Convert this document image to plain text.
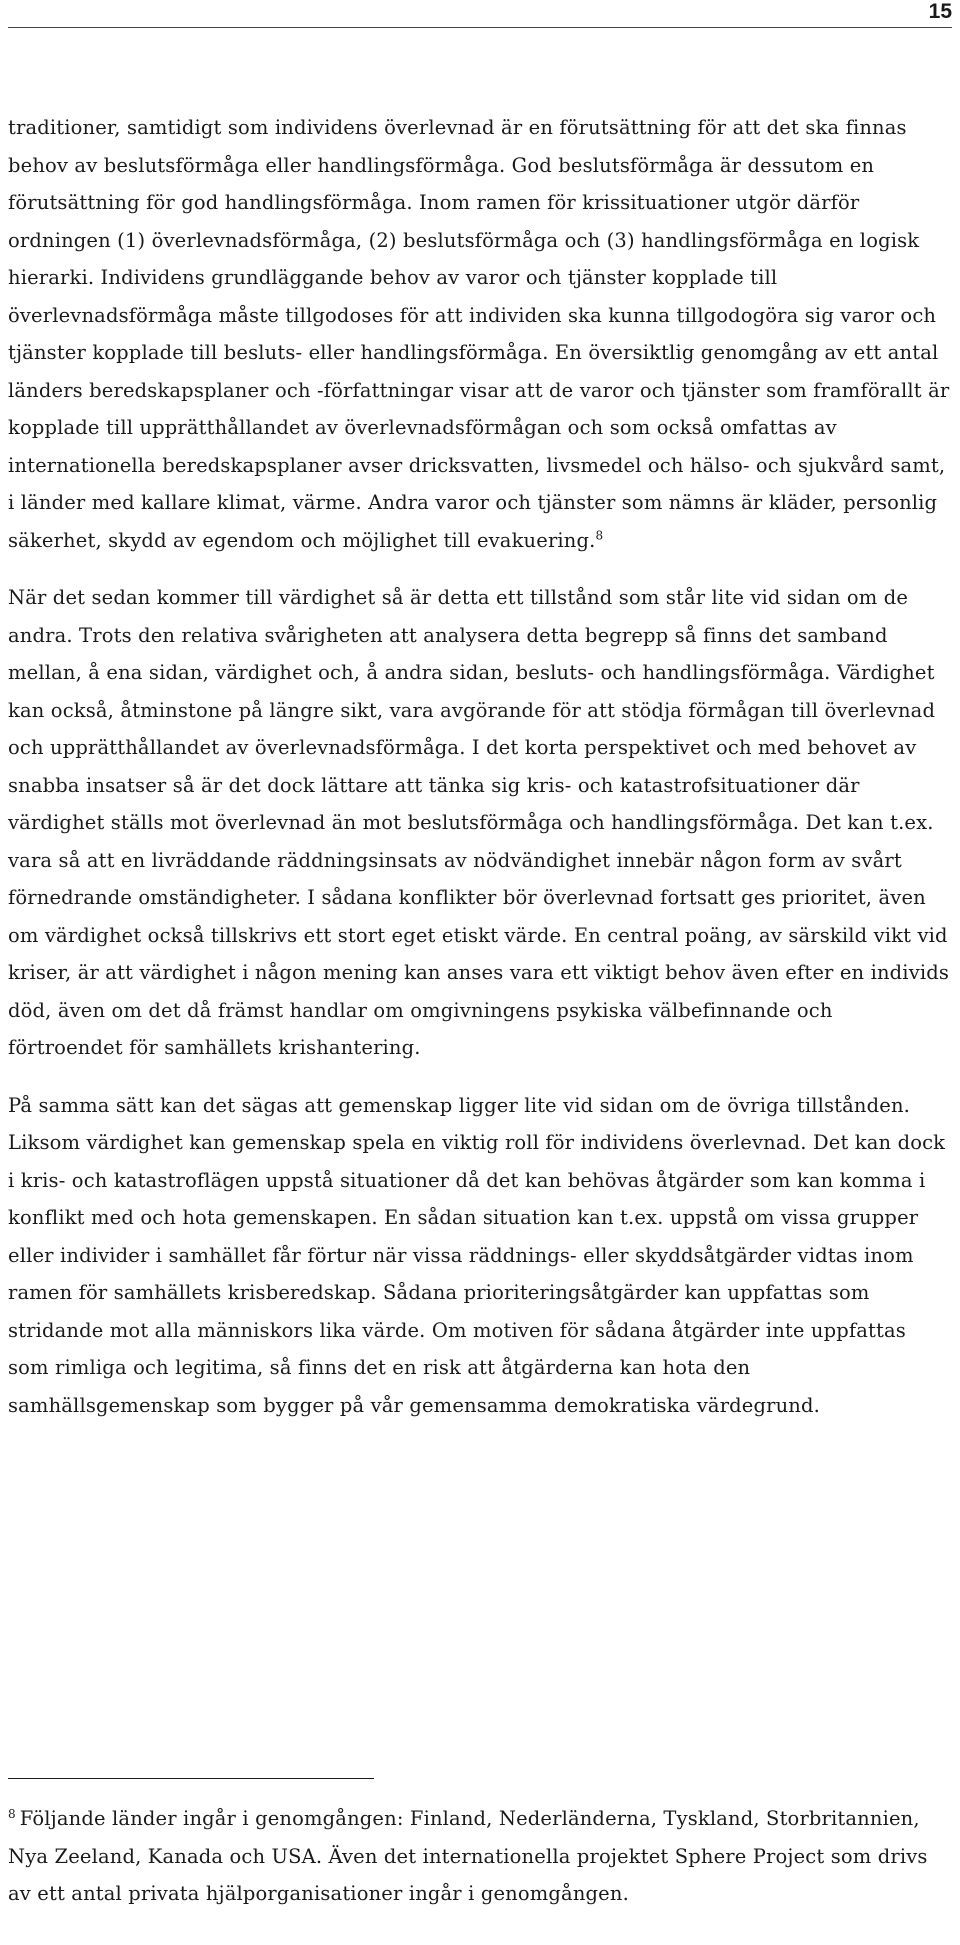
15

traditioner, samtidigt som individens överlevnad är en förutsättning för att det ska finnas behov av beslutsförmåga eller handlingsförmåga. God beslutsförmåga är dessutom en förutsättning för god handlingsförmåga. Inom ramen för krissituationer utgör därför ordningen (1) överlevnadsförmåga, (2) beslutsförmåga och (3) handlingsförmåga en logisk hierarki. Individens grundläggande behov av varor och tjänster kopplade till överlevnadsförmåga måste tillgodoses för att individen ska kunna tillgodogöra sig varor och tjänster kopplade till besluts- eller handlingsförmåga. En översiktlig genomgång av ett antal länders beredskapsplaner och -författningar visar att de varor och tjänster som framförallt är kopplade till upprätthållandet av överlevnadsförmågan och som också omfattas av internationella beredskapsplaner avser dricksvatten, livsmedel och hälso- och sjukvård samt, i länder med kallare klimat, värme. Andra varor och tjänster som nämns är kläder, personlig säkerhet, skydd av egendom och möjlighet till evakuering.$^8$

När det sedan kommer till värdighet så är detta ett tillstånd som står lite vid sidan om de andra. Trots den relativa svårigheten att analysera detta begrepp så finns det samband mellan, å ena sidan, värdighet och, å andra sidan, besluts- och handlingsförmåga. Värdighet kan också, åtminstone på längre sikt, vara avgörande för att stödja förmågan till överlevnad och upprätthållandet av överlevnadsförmåga. I det korta perspektivet och med behovet av snabba insatser så är det dock lättare att tänka sig kris- och katastrofsituationer där värdighet ställs mot överlevnad än mot beslutsförmåga och handlingsförmåga. Det kan t.ex. vara så att en livräddande räddningsinsats av nödvändighet innebär någon form av svårt förnedrande omständigheter. I sådana konflikter bör överlevnad fortsatt ges prioritet, även om värdighet också tillskrivs ett stort eget etiskt värde. En central poäng, av särskild vikt vid kriser, är att värdighet i någon mening kan anses vara ett viktigt behov även efter en individs död, även om det då främst handlar om omgivningens psykiska välbefinnande och förtroendet för samhällets krishantering.

På samma sätt kan det sägas att gemenskap ligger lite vid sidan om de övriga tillstånden. Liksom värdighet kan gemenskap spela en viktig roll för individens överlevnad. Det kan dock i kris- och katastroflägen uppstå situationer då det kan behövas åtgärder som kan komma i konflikt med och hota gemenskapen. En sådan situation kan t.ex. uppstå om vissa grupper eller individer i samhället får förtur när vissa räddnings- eller skyddsåtgärder vidtas inom ramen för samhällets krisberedskap. Sådana prioriteringsåtgärder kan uppfattas som stridande mot alla människors lika värde. Om motiven för sådana åtgärder inte uppfattas som rimliga och legitima, så finns det en risk att åtgärderna kan hota den samhällsgemenskap som bygger på vår gemensamma demokratiska värdegrund.

$^8$ Följande länder ingår i genomgången: Finland, Nederländerna, Tyskland, Storbritannien, Nya Zeeland, Kanada och USA. Även det internationella projektet Sphere Project som drivs av ett antal privata hjälporganisationer ingår i genomgången.
